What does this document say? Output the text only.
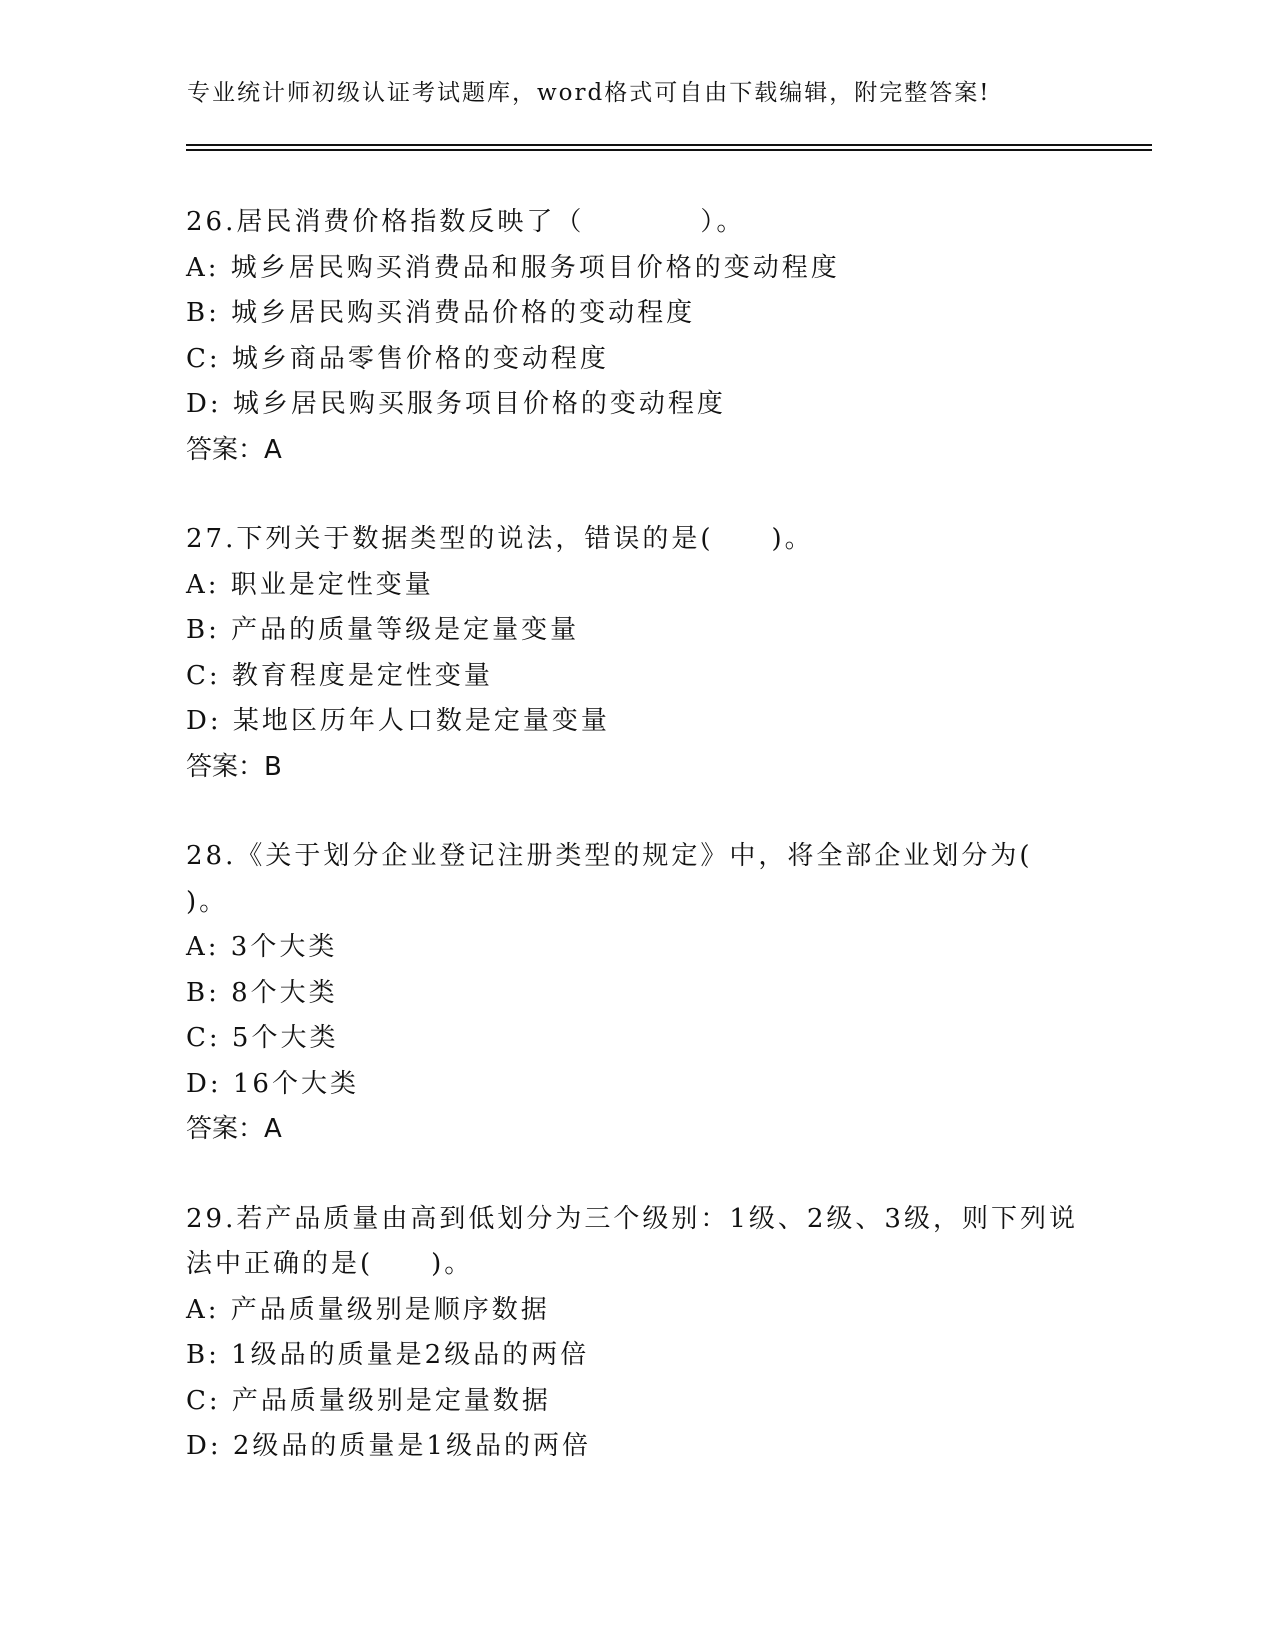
专业统计师初级认证考试题库，word格式可自由下载编辑，附完整答案!
26.居民消费价格指数反映了（　　　　）。
A: 城乡居民购买消费品和服务项目价格的变动程度
B: 城乡居民购买消费品价格的变动程度
C: 城乡商品零售价格的变动程度
D: 城乡居民购买服务项目价格的变动程度
答案：A
27.下列关于数据类型的说法，错误的是(　　)。
A: 职业是定性变量
B: 产品的质量等级是定量变量
C: 教育程度是定性变量
D: 某地区历年人口数是定量变量
答案：B
28.《关于划分企业登记注册类型的规定》中，将全部企业划分为(
)。
A: 3个大类
B: 8个大类
C: 5个大类
D: 16个大类
答案：A
29.若产品质量由高到低划分为三个级别：1级、2级、3级，则下列说
法中正确的是(　　)。
A: 产品质量级别是顺序数据
B: 1级品的质量是2级品的两倍
C: 产品质量级别是定量数据
D: 2级品的质量是1级品的两倍
